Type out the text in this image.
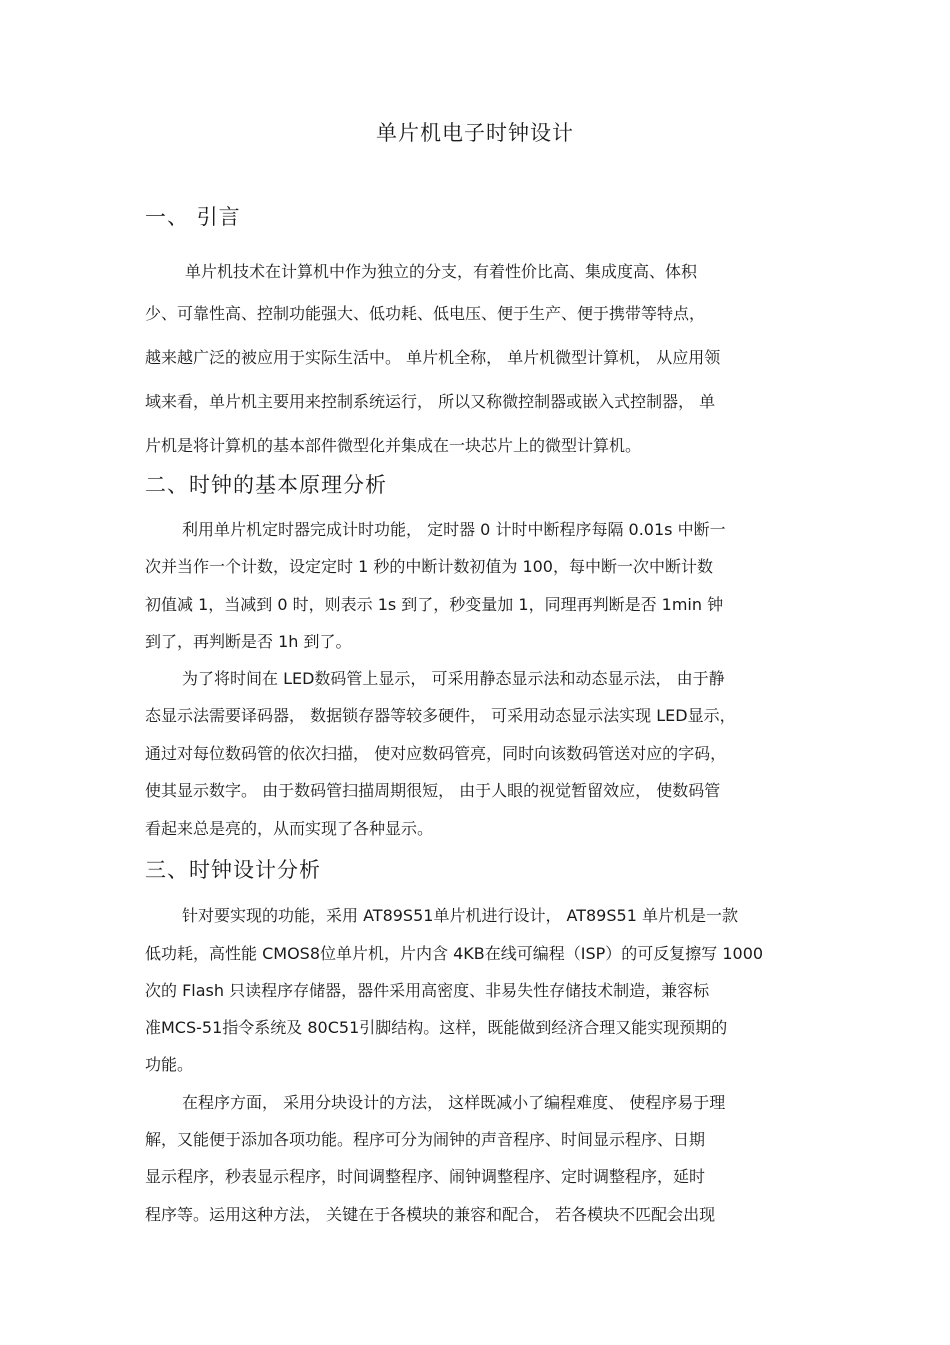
单片机电子时钟设计
一、 引言
单片机技术在计算机中作为独立的分支，有着性价比高、集成度高、体积
少、可靠性高、控制功能强大、低功耗、低电压、便于生产、便于携带等特点，
越来越广泛的被应用于实际生活中。 单片机全称， 单片机微型计算机， 从应用领
域来看，单片机主要用来控制系统运行， 所以又称微控制器或嵌入式控制器， 单
片机是将计算机的基本部件微型化并集成在一块芯片上的微型计算机。
二、时钟的基本原理分析
利用单片机定时器完成计时功能， 定时器 0 计时中断程序每隔 0.01s 中断一
次并当作一个计数，设定定时 1 秒的中断计数初值为 100，每中断一次中断计数
初值减 1，当减到 0 时，则表示 1s 到了，秒变量加 1，同理再判断是否 1min 钟
到了，再判断是否 1h 到了。
为了将时间在 LED数码管上显示， 可采用静态显示法和动态显示法， 由于静
态显示法需要译码器， 数据锁存器等较多硬件， 可采用动态显示法实现 LED显示，
通过对每位数码管的依次扫描， 使对应数码管亮，同时向该数码管送对应的字码，
使其显示数字。 由于数码管扫描周期很短， 由于人眼的视觉暂留效应， 使数码管
看起来总是亮的，从而实现了各种显示。
三、时钟设计分析
针对要实现的功能，采用 AT89S51单片机进行设计， AT89S51 单片机是一款
低功耗，高性能 CMOS8位单片机，片内含 4KB在线可编程（ISP）的可反复擦写 1000
次的 Flash 只读程序存储器，器件采用高密度、非易失性存储技术制造，兼容标
准MCS-51指令系统及 80C51引脚结构。这样，既能做到经济合理又能实现预期的
功能。
在程序方面， 采用分块设计的方法， 这样既减小了编程难度、 使程序易于理
解，又能便于添加各项功能。程序可分为闹钟的声音程序、时间显示程序、日期
显示程序，秒表显示程序，时间调整程序、闹钟调整程序、定时调整程序，延时
程序等。运用这种方法， 关键在于各模块的兼容和配合， 若各模块不匹配会出现
